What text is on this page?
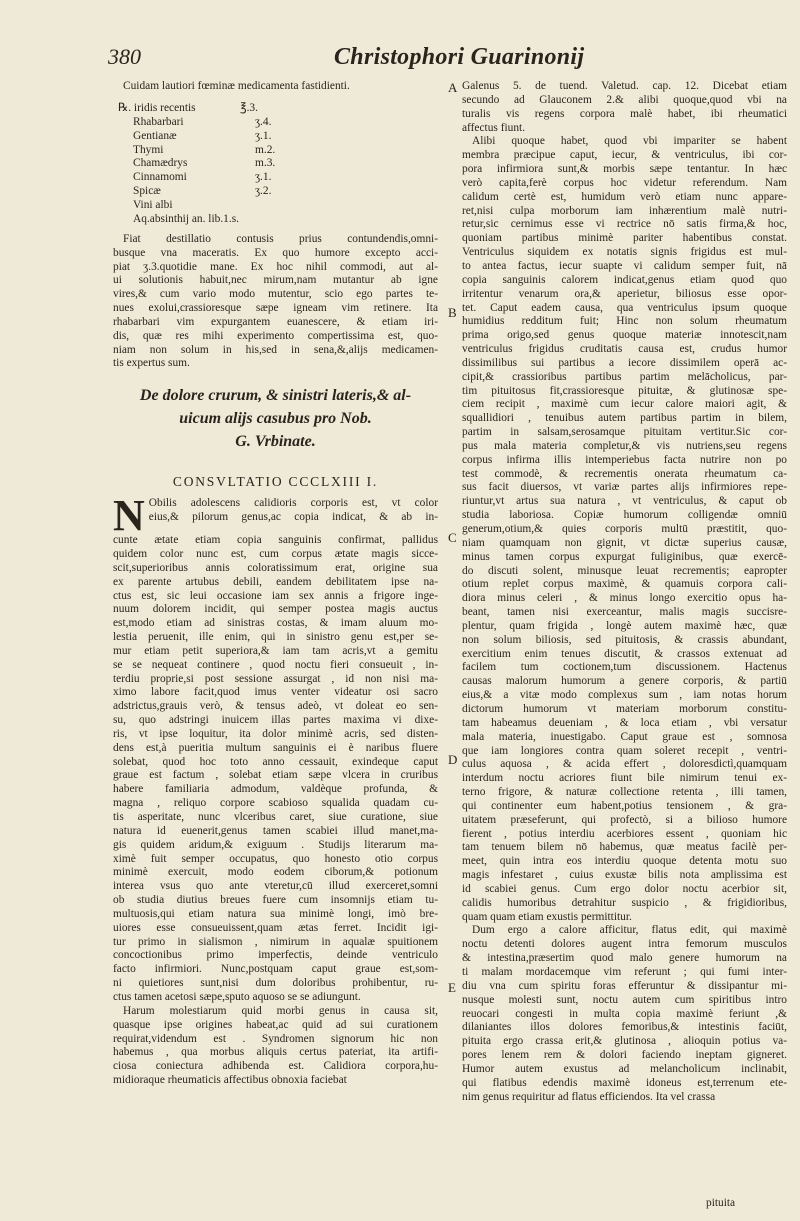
380	Christophori Guarinonij
A
B
C
D
E
Cuidam lautiori fœminæ medicamenta fastidienti.
℞. iridis recentis	℥.3.
Rhabarbari	ʒ.4.
Gentianæ	ʒ.1.
Thymi	m.2.
Chamædrys	m.3.
Cinnamomi	ʒ.1.
Spicæ	ʒ.2.
Vini albi
Aq.absinthij an. lib.1.s.
Fiat destillatio contusis prius contundendis,omni-
busque vna maceratis. Ex quo humore excepto acci-
piat ʒ.3.quotidie mane. Ex hoc nihil commodi, aut al-
ui solutionis habuit,nec mirum,nam mutantur ab igne
vires,& cum vario modo mutentur, scio ego partes te-
nues exolui,crassioresque sæpe igneam vim retinere. Ita
rhabarbari vim expurgantem euanescere, & etiam iri-
dis, quæ res mihi experimento compertissima est, quo-
niam non solum in his,sed in sena,&,alijs medicamen-
tis expertus sum.
De dolore crurum, & sinistri lateris,& al-
uicum alijs casubus pro Nob.
G. Vrbinate.
CONSVLTATIO CCCLXIII I.
N Obilis adolescens calidioris corporis est, vt color
eius,& pilorum genus,ac copia indicat, & ab in-
cunte ætate etiam copia sanguinis confirmat, pallidus
quidem color nunc est, cum corpus ætate magis sicce-
scit,superioribus annis coloratissimum erat, origine sua
ex parente artubus debili, eandem debilitatem ipse na-
ctus est, sic leui occasione iam sex annis a frigore inge-
nuum dolorem incidit, qui semper postea magis auctus
est,modo etiam ad sinistras costas, & imam aluum mo-
lestia peruenit, ille enim, qui in sinistro genu est,per se-
mur etiam petit superiora,& iam tam acris,vt a gemitu
se se nequeat continere , quod noctu fieri consueuit , in-
terdiu proprie,si post sessione assurgat , id non nisi ma-
ximo labore facit,quod imus venter videatur osi sacro
adstrictus,grauis verò, & tensus adeò, vt doleat eo sen-
su, quo adstringi inuicem illas partes maxima vi dixe-
ris, vt ipse loquitur, ita dolor minimè acris, sed disten-
dens est,à pueritia multum sanguinis ei è naribus fluere
solebat, quod hoc toto anno cessauit, exindeque caput
graue est factum , solebat etiam sæpe vlcera in cruribus
habere familiaria admodum, valdèque profunda, &
magna , reliquo corpore scabioso squalida quadam cu-
tis asperitate, nunc vlceribus caret, siue curatione, siue
natura id euenerit,genus tamen scabiei illud manet,ma-
gis quidem aridum,& exiguum . Studijs literarum ma-
ximè fuit semper occupatus, quo honesto otio corpus
minimè exercuit, modo eodem ciborum,& potionum
interea vsus quo ante vteretur,cū illud exerceret,somni
ob studia diutius breues fuere cum insomnijs etiam tu-
multuosis,qui etiam natura sua minimè longi, imò bre-
uiores esse consueuissent,quam ætas ferret. Incidit igi-
tur primo in sialismon , nimirum in aqualæ spuitionem
concoctionibus primo imperfectis, deinde ventriculo
facto infirmiori. Nunc,postquam caput graue est,som-
ni quietiores sunt,nisi dum doloribus prohibentur, ru-
ctus tamen acetosi sæpe,sputo aquoso se se adiungunt.
Harum molestiarum quid morbi genus in causa sit,
quasque ipse origines habeat,ac quid ad sui curationem
requirat,videndum est . Syndromen signorum hic non
habemus , qua morbus aliquis certus pateriat, ita artifi-
ciosa coniectura adhibenda est. Calidiora corpora,hu-
midioraque rheumaticis affectibus obnoxia faciebat
Galenus 5. de tuend. Valetud. cap. 12. Dicebat etiam
secundo ad Glauconem 2.& alibi quoque,quod vbi na
turalis vis regens corpora malè habet, ibi rheumatici
affectus fiunt.
Alibi quoque habet, quod vbi impariter se habent
membra præcipue caput, iecur, & ventriculus, ibi cor-
pora infirmiora sunt,& morbis sæpe tentantur. In hæc
verò capita,ferè corpus hoc videtur referendum. Nam
calidum certè est, humidum verò etiam nunc appare-
ret,nisi culpa morborum iam inhærentium malè nutri-
retur,sic cernimus esse vi rectrice nō satis firma,& hoc,
quoniam partibus minimè pariter habentibus constat.
Ventriculus siquidem ex notatis signis frigidus est mul-
to antea factus, iecur suapte vi calidum semper fuit, nā
copia sanguinis calorem indicat,genus etiam quod quo
irritentur venarum ora,& aperietur, biliosus esse opor-
tet. Caput eadem causa, qua ventriculus ipsum quoque
humidius redditum fuit; Hinc non solum rheumatum
prima origo,sed genus quoque materiæ innotescit,nam
ventriculus frigidus cruditatis causa est, crudus humor
dissimilibus sui partibus a iecore dissimilem operā ac-
cipit,& crassioribus partibus partim melācholicus, par-
tim pituitosus fit,crassioresque pituitæ, & glutinosæ spe-
ciem recipit , maximè cum iecur calore maiori agit, &
squallidiori , tenuibus autem partibus partim in bilem,
partim in salsam,serosamque pituitam vertitur.Sic cor-
pus mala materia completur,& vis nutriens,seu regens
corpus infirma illis intemperiebus facta nutrire non po
test commodè, & recrementis onerata rheumatum ca-
sus facit diuersos, vt variæ partes alijs infirmiores repe-
riuntur,vt artus sua natura , vt ventriculus, & caput ob
studia laboriosa. Copiæ humorum colligendæ omniū
generum,otium,& quies corporis multū præstitit, quo-
niam quamquam non gignit, vt dictæ superius causæ,
minus tamen corpus expurgat fuliginibus, quæ exercē-
do discuti solent, minusque leuat recrementis; eapropter
otium replet corpus maximè, & quamuis corpora cali-
diora minus celeri , & minus longo exercitio opus ha-
beant, tamen nisi exerceantur, malis magis succisre-
plentur, quam frigida , longè autem maximè hæc, quæ
non solum biliosis, sed pituitosis, & crassis abundant,
exercitium enim tenues discutit, & crassos extenuat ad
facilem tum coctionem,tum discussionem. Hactenus
causas malorum humorum a genere corporis, & partiū
eius,& a vitæ modo complexus sum , iam notas horum
dictorum humorum vt materiam morborum constitu-
tam habeamus deueniam , & loca etiam , vbi versatur
mala materia, inuestigabo. Caput graue est , somnosa
que iam longiores contra quam soleret recepit , ventri-
culus aquosa , & acida effert , doloresdictì,quamquam
interdum noctu acriores fiunt bile nimirum tenui ex-
terno frigore, & naturæ collectione retenta , illi tamen,
qui continenter eum habent,potius tensionem , & gra-
uitatem præseferunt, qui profectò, si a bilioso humore
fierent , potius interdiu acerbiores essent , quoniam hic
tam tenuem bilem nō habemus, quæ meatus facilè per-
meet, quin intra eos interdiu quoque detenta motu suo
magis infestaret , cuius exustæ bilis nota amplissima est
id scabiei genus. Cum ergo dolor noctu acerbior sit,
calidis humoribus detrahitur suspicio , & frigidioribus,
quam quam etiam exustis permittitur.
Dum ergo a calore afficitur, flatus edit, qui maximè
noctu detenti dolores augent intra femorum musculos
& intestina,præsertim quod malo genere humorum na
ti malam mordacemque vim referunt ; qui fumi inter-
diu vna cum spiritu foras efferuntur & dissipantur mi-
nusque molesti sunt, noctu autem cum spiritibus intro
reuocari congesti in multa copia maximè feriunt ,&
dilaniantes illos dolores femoribus,& intestinis faciūt,
pituita ergo crassa erit,& glutinosa , alioquin potius va-
pores lenem rem & dolori faciendo ineptam gigneret.
Humor autem exustus ad melancholicum inclinabit,
qui flatibus edendis maximè idoneus est,terrenum ete-
nim genus requiritur ad flatus efficiendos. Ita vel crassa
pituita
